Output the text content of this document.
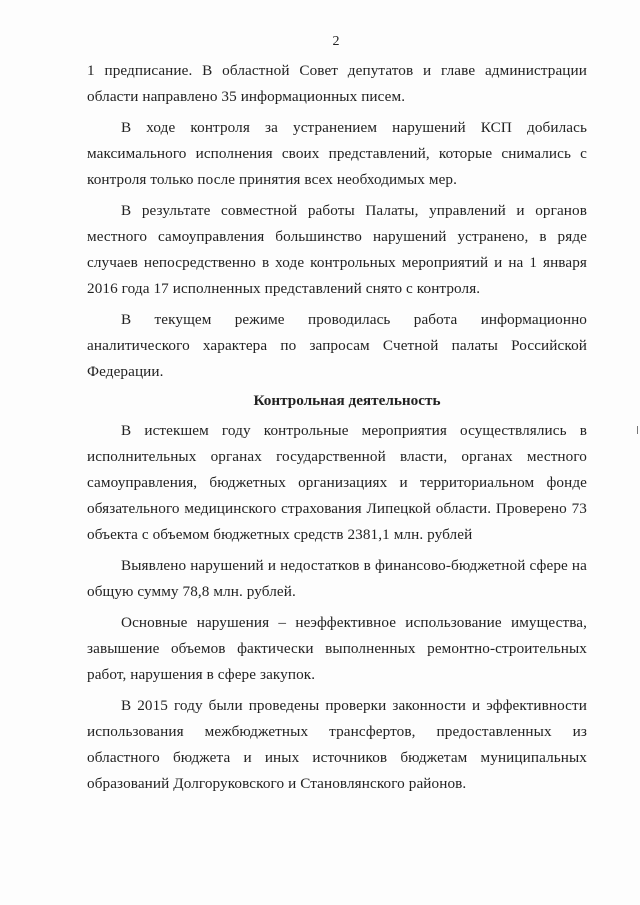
2

1 предписание. В областной Совет депутатов и главе администрации области направлено 35 информационных писем.

В ходе контроля за устранением нарушений КСП добилась максимального исполнения своих представлений, которые снимались с контроля только после принятия всех необходимых мер.

В результате совместной работы Палаты, управлений и органов местного самоуправления большинство нарушений устранено, в ряде случаев непосредственно в ходе контрольных мероприятий и на 1 января 2016 года 17 исполненных представлений снято с контроля.

В текущем режиме проводилась работа информационно аналитического характера по запросам Счетной палаты Российской Федерации.

Контрольная деятельность

В истекшем году контрольные мероприятия осуществлялись в исполнительных органах государственной власти, органах местного самоуправления, бюджетных организациях и территориальном фонде обязательного медицинского страхования Липецкой области. Проверено 73 объекта с объемом бюджетных средств 2381,1 млн. рублей

Выявлено нарушений и недостатков в финансово-бюджетной сфере на общую сумму 78,8 млн. рублей.

Основные нарушения – неэффективное использование имущества, завышение объемов фактически выполненных ремонтно-строительных работ, нарушения в сфере закупок.

В 2015 году были проведены проверки законности и эффективности использования межбюджетных трансфертов, предоставленных из областного бюджета и иных источников бюджетам муниципальных образований Долгоруковского и Становлянского районов.
